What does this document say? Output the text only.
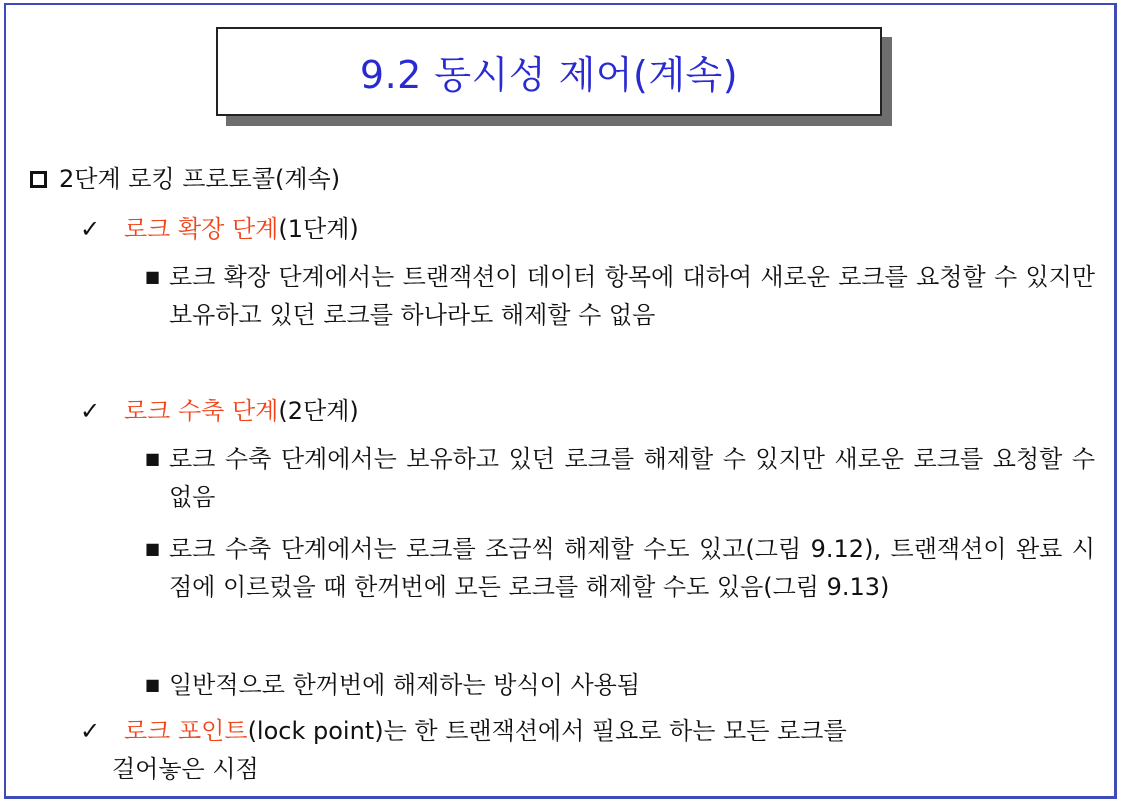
9.2 동시성 제어(계속)
2단계 로킹 프로토콜(계속)
✓ 로크 확장 단계(1단계)
■ 로크 확장 단계에서는 트랜잭션이 데이터 항목에 대하여 새로운 로크를 요청할 수 있지만 보유하고 있던 로크를 하나라도 해제할 수 없음
✓ 로크 수축 단계(2단계)
■ 로크 수축 단계에서는 보유하고 있던 로크를 해제할 수 있지만 새로운 로크를 요청할 수 없음
■ 로크 수축 단계에서는 로크를 조금씩 해제할 수도 있고(그림 9.12), 트랜잭션이 완료 시점에 이르렀을 때 한꺼번에 모든 로크를 해제할 수도 있음(그림 9.13)
■ 일반적으로 한꺼번에 해제하는 방식이 사용됨
✓ 로크 포인트(lock point)는 한 트랜잭션에서 필요로 하는 모든 로크를
걸어놓은 시점
